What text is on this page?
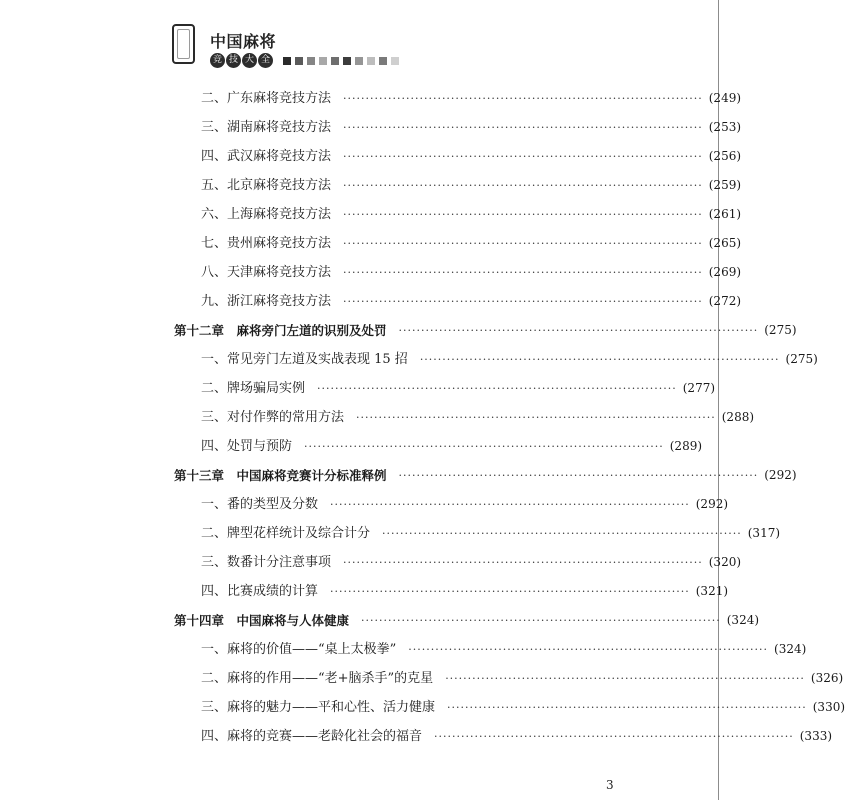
中国麻将
竞 技 大 全
二、广东麻将竞技方法 ················································································ (249)
三、湖南麻将竞技方法 ················································································ (253)
四、武汉麻将竞技方法 ················································································ (256)
五、北京麻将竞技方法 ················································································ (259)
六、上海麻将竞技方法 ················································································ (261)
七、贵州麻将竞技方法 ················································································ (265)
八、天津麻将竞技方法 ················································································ (269)
九、浙江麻将竞技方法 ················································································ (272)
第十二章　麻将旁门左道的识别及处罚 ················································································ (275)
一、常见旁门左道及实战表现 15 招 ················································································ (275)
二、牌场骗局实例 ················································································ (277)
三、对付作弊的常用方法 ················································································ (288)
四、处罚与预防 ················································································ (289)
第十三章　中国麻将竞赛计分标准释例 ················································································ (292)
一、番的类型及分数 ················································································ (292)
二、牌型花样统计及综合计分 ················································································ (317)
三、数番计分注意事项 ················································································ (320)
四、比赛成绩的计算 ················································································ (321)
第十四章　中国麻将与人体健康 ················································································ (324)
一、麻将的价值——“桌上太极拳” ················································································ (324)
二、麻将的作用——“老+脑杀手”的克星 ················································································ (326)
三、麻将的魅力——平和心性、活力健康 ················································································ (330)
四、麻将的竞赛——老龄化社会的福音 ················································································ (333)
3
